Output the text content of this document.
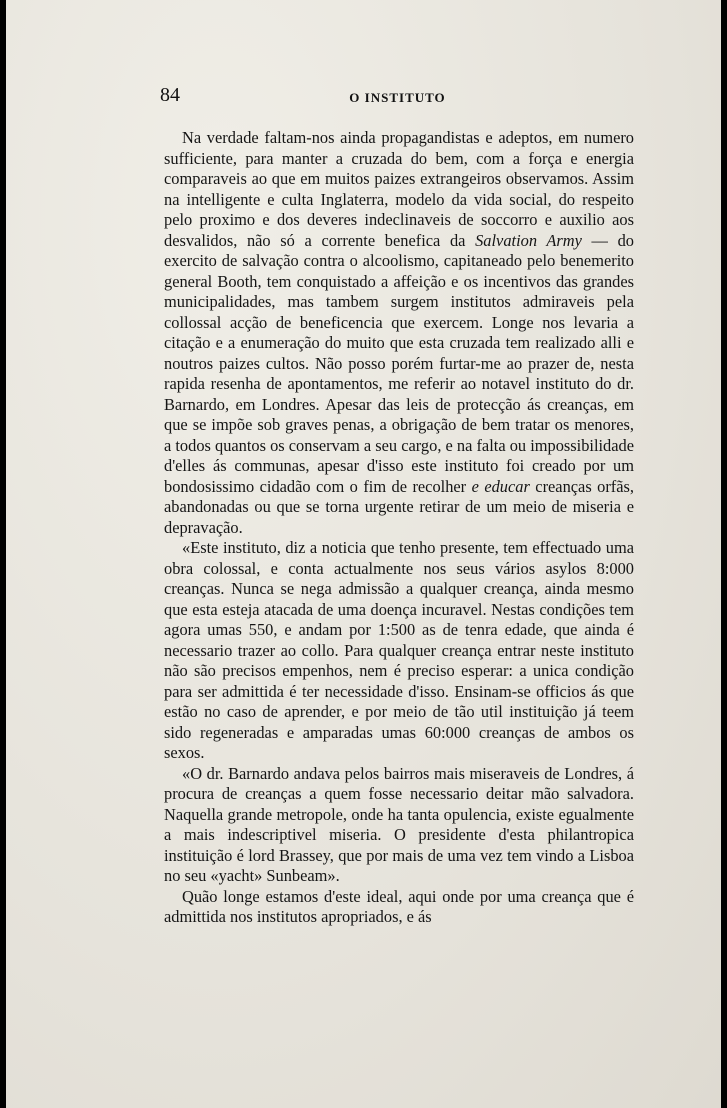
84	O INSTITUTO

Na verdade faltam-nos ainda propagandistas e adeptos, em numero sufficiente, para manter a cruzada do bem, com a força e energia comparaveis ao que em muitos paizes extrangeiros observamos. Assim na intelligente e culta Inglaterra, modelo da vida social, do respeito pelo proximo e dos deveres indeclinaveis de soccorro e auxilio aos desvalidos, não só a corrente benefica da Salvation Army — do exercito de salvação contra o alcoolismo, capitaneado pelo benemerito general Booth, tem conquistado a affeição e os incentivos das grandes municipalidades, mas tambem surgem institutos admiraveis pela collossal acção de beneficencia que exercem. Longe nos levaria a citação e a enumeração do muito que esta cruzada tem realizado alli e noutros paizes cultos. Não posso porém furtar-me ao prazer de, nesta rapida resenha de apontamentos, me referir ao notavel instituto do dr. Barnardo, em Londres. Apesar das leis de protecção ás creanças, em que se impõe sob graves penas, a obrigação de bem tratar os menores, a todos quantos os conservam a seu cargo, e na falta ou impossibilidade d'elles ás communas, apesar d'isso este instituto foi creado por um bondosissimo cidadão com o fim de recolher e educar creanças orfãs, abandonadas ou que se torna urgente retirar de um meio de miseria e depravação.

«Este instituto, diz a noticia que tenho presente, tem effectuado uma obra colossal, e conta actualmente nos seus vários asylos 8:000 creanças. Nunca se nega admissão a qualquer creança, ainda mesmo que esta esteja atacada de uma doença incuravel. Nestas condições tem agora umas 550, e andam por 1:500 as de tenra edade, que ainda é necessario trazer ao collo. Para qualquer creança entrar neste instituto não são precisos empenhos, nem é preciso esperar: a unica condição para ser admittida é ter necessidade d'isso. Ensinam-se officios ás que estão no caso de aprender, e por meio de tão util instituição já teem sido regeneradas e amparadas umas 60:000 creanças de ambos os sexos.

«O dr. Barnardo andava pelos bairros mais miseraveis de Londres, á procura de creanças a quem fosse necessario deitar mão salvadora. Naquella grande metropole, onde ha tanta opulencia, existe egualmente a mais indescriptivel miseria. O presidente d'esta philantropica instituição é lord Brassey, que por mais de uma vez tem vindo a Lisboa no seu «yacht» Sunbeam».

Quão longe estamos d'este ideal, aqui onde por uma creança que é admittida nos institutos apropriados, e ás
